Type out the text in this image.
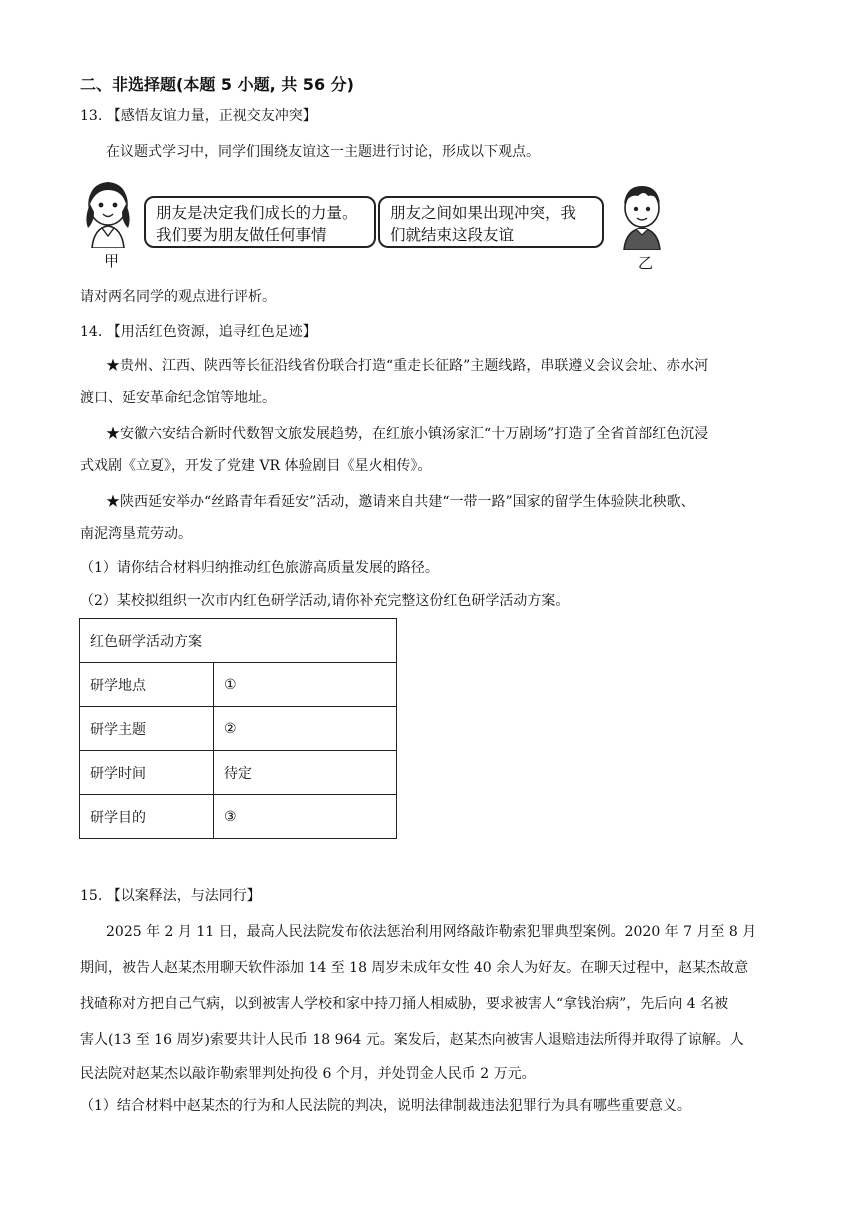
二、非选择题(本题 5 小题, 共 56 分)
13. 【感悟友谊力量，正视交友冲突】
在议题式学习中，同学们围绕友谊这一主题进行讨论，形成以下观点。
朋友是决定我们成长的力量。
我们要为朋友做任何事情
朋友之间如果出现冲突，我
们就结束这段友谊
甲	乙
请对两名同学的观点进行评析。
14. 【用活红色资源，追寻红色足迹】
★贵州、江西、陕西等长征沿线省份联合打造“重走长征路”主题线路，串联遵义会议会址、赤水河
渡口、延安革命纪念馆等地址。
★安徽六安结合新时代数智文旅发展趋势，在红旅小镇汤家汇“十万剧场”打造了全省首部红色沉浸
式戏剧《立夏》，开发了党建 VR 体验剧目《星火相传》。
★陕西延安举办“丝路青年看延安”活动，邀请来自共建“一带一路”国家的留学生体验陕北秧歌、
南泥湾垦荒劳动。
（1）请你结合材料归纳推动红色旅游高质量发展的路径。
（2）某校拟组织一次市内红色研学活动,请你补充完整这份红色研学活动方案。
红色研学活动方案	
研学地点	①
研学主题	②
研学时间	待定
研学目的	③
15. 【以案释法，与法同行】
2025 年 2 月 11 日，最高人民法院发布依法惩治利用网络敲诈勒索犯罪典型案例。2020 年 7 月至 8 月
期间，被告人赵某杰用聊天软件添加 14 至 18 周岁未成年女性 40 余人为好友。在聊天过程中，赵某杰故意
找碴称对方把自己气病，以到被害人学校和家中持刀捅人相威胁，要求被害人“拿钱治病”，先后向 4 名被
害人(13 至 16 周岁)索要共计人民币 18 964 元。案发后，赵某杰向被害人退赔违法所得并取得了谅解。人
民法院对赵某杰以敲诈勒索罪判处拘役 6 个月，并处罚金人民币 2 万元。
（1）结合材料中赵某杰的行为和人民法院的判决，说明法律制裁违法犯罪行为具有哪些重要意义。
